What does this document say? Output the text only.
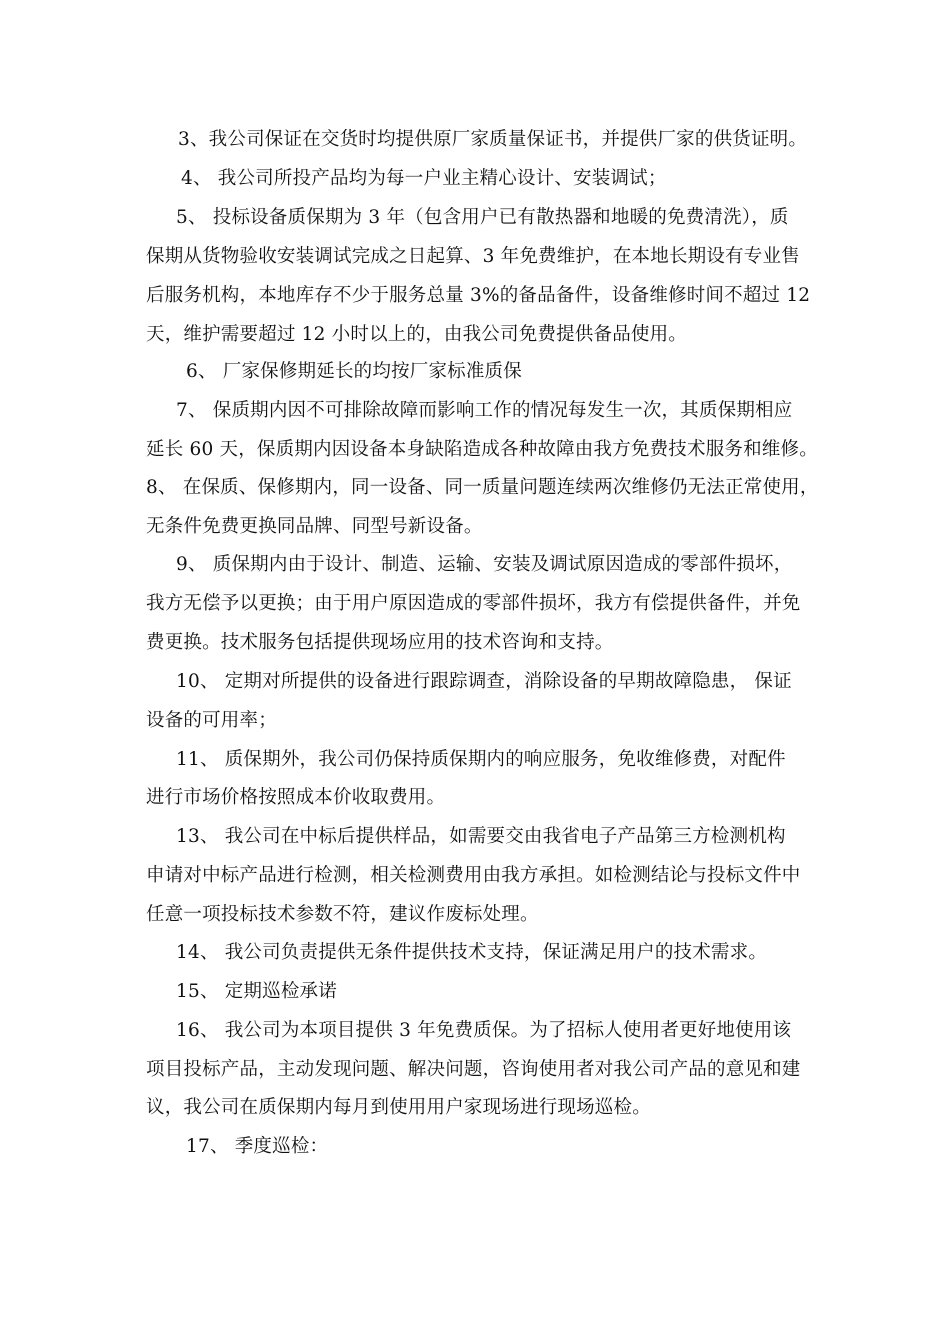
3、我公司保证在交货时均提供原厂家质量保证书，并提供厂家的供货证明。
4、 我公司所投产品均为每一户业主精心设计、安装调试；
5、 投标设备质保期为 3 年（包含用户已有散热器和地暖的免费清洗），质
保期从货物验收安装调试完成之日起算、3 年免费维护，在本地长期设有专业售
后服务机构，本地库存不少于服务总量 3%的备品备件，设备维修时间不超过 12
天，维护需要超过 12 小时以上的，由我公司免费提供备品使用。
6、 厂家保修期延长的均按厂家标准质保
7、 保质期内因不可排除故障而影响工作的情况每发生一次，其质保期相应
延长 60 天，保质期内因设备本身缺陷造成各种故障由我方免费技术服务和维修。
8、 在保质、保修期内，同一设备、同一质量问题连续两次维修仍无法正常使用，
无条件免费更换同品牌、同型号新设备。
9、 质保期内由于设计、制造、运输、安装及调试原因造成的零部件损坏，
我方无偿予以更换；由于用户原因造成的零部件损坏，我方有偿提供备件，并免
费更换。技术服务包括提供现场应用的技术咨询和支持。
10、 定期对所提供的设备进行跟踪调查，消除设备的早期故障隐患， 保证
设备的可用率；
11、 质保期外，我公司仍保持质保期内的响应服务，免收维修费，对配件
进行市场价格按照成本价收取费用。
13、 我公司在中标后提供样品，如需要交由我省电子产品第三方检测机构
申请对中标产品进行检测，相关检测费用由我方承担。如检测结论与投标文件中
任意一项投标技术参数不符，建议作废标处理。
14、 我公司负责提供无条件提供技术支持，保证满足用户的技术需求。
15、 定期巡检承诺
16、 我公司为本项目提供 3 年免费质保。为了招标人使用者更好地使用该
项目投标产品，主动发现问题、解决问题，咨询使用者对我公司产品的意见和建
议，我公司在质保期内每月到使用用户家现场进行现场巡检。
17、 季度巡检：
